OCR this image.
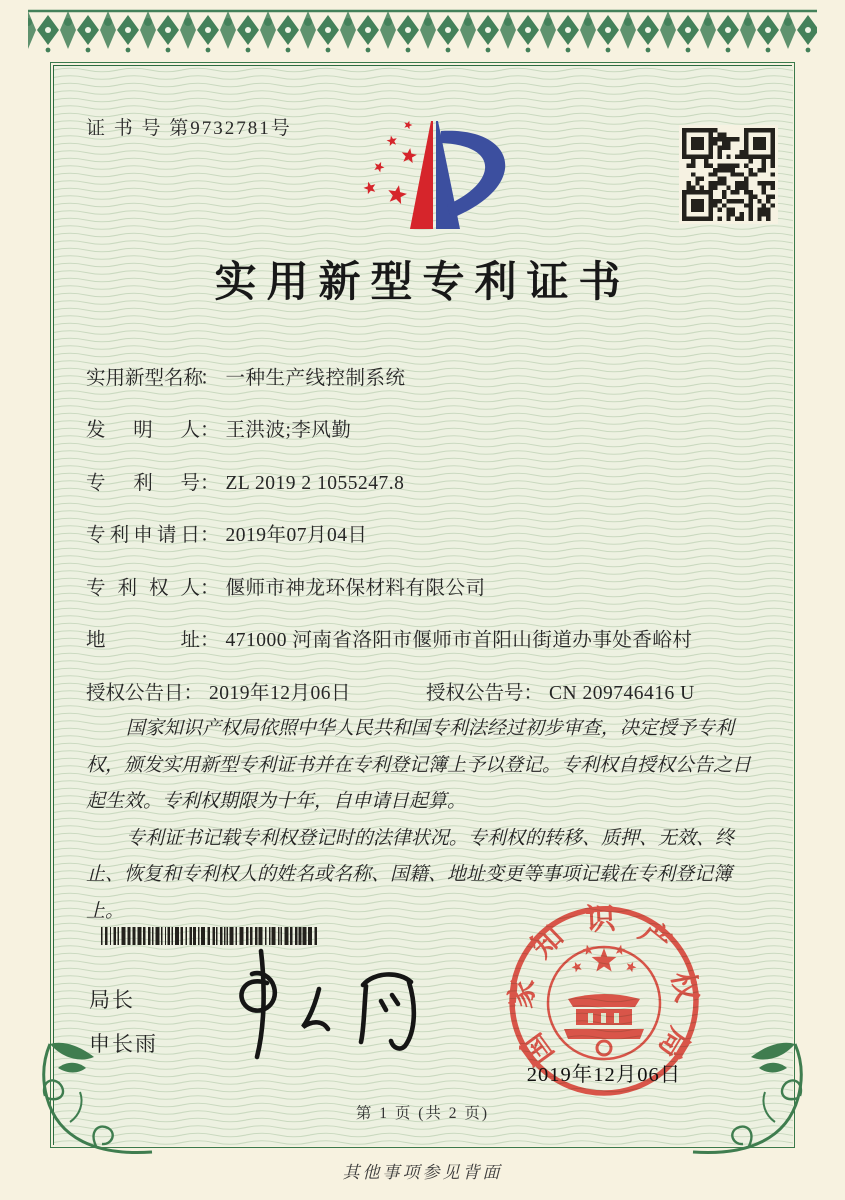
证 书 号 第9732781号
实用新型专利证书
实用新型名称： 一种生产线控制系统
发明人： 王洪波;李风勤
专利号： ZL 2019 2 1055247.8
专利申请日： 2019年07月04日
专利权人： 偃师市神龙环保材料有限公司
地址： 471000 河南省洛阳市偃师市首阳山街道办事处香峪村
授权公告日： 2019年12月06日	授权公告号： CN 209746416 U

国家知识产权局依照中华人民共和国专利法经过初步审查，决定授予专利权，颁发实用新型专利证书并在专利登记簿上予以登记。专利权自授权公告之日起生效。专利权期限为十年，自申请日起算。

专利证书记载专利权登记时的法律状况。专利权的转移、质押、无效、终止、恢复和专利权人的姓名或名称、国籍、地址变更等事项记载在专利登记簿上。

局长
申长雨	国家知识产权局
2019年12月06日
第 1 页 (共 2 页)
其他事项参见背面
